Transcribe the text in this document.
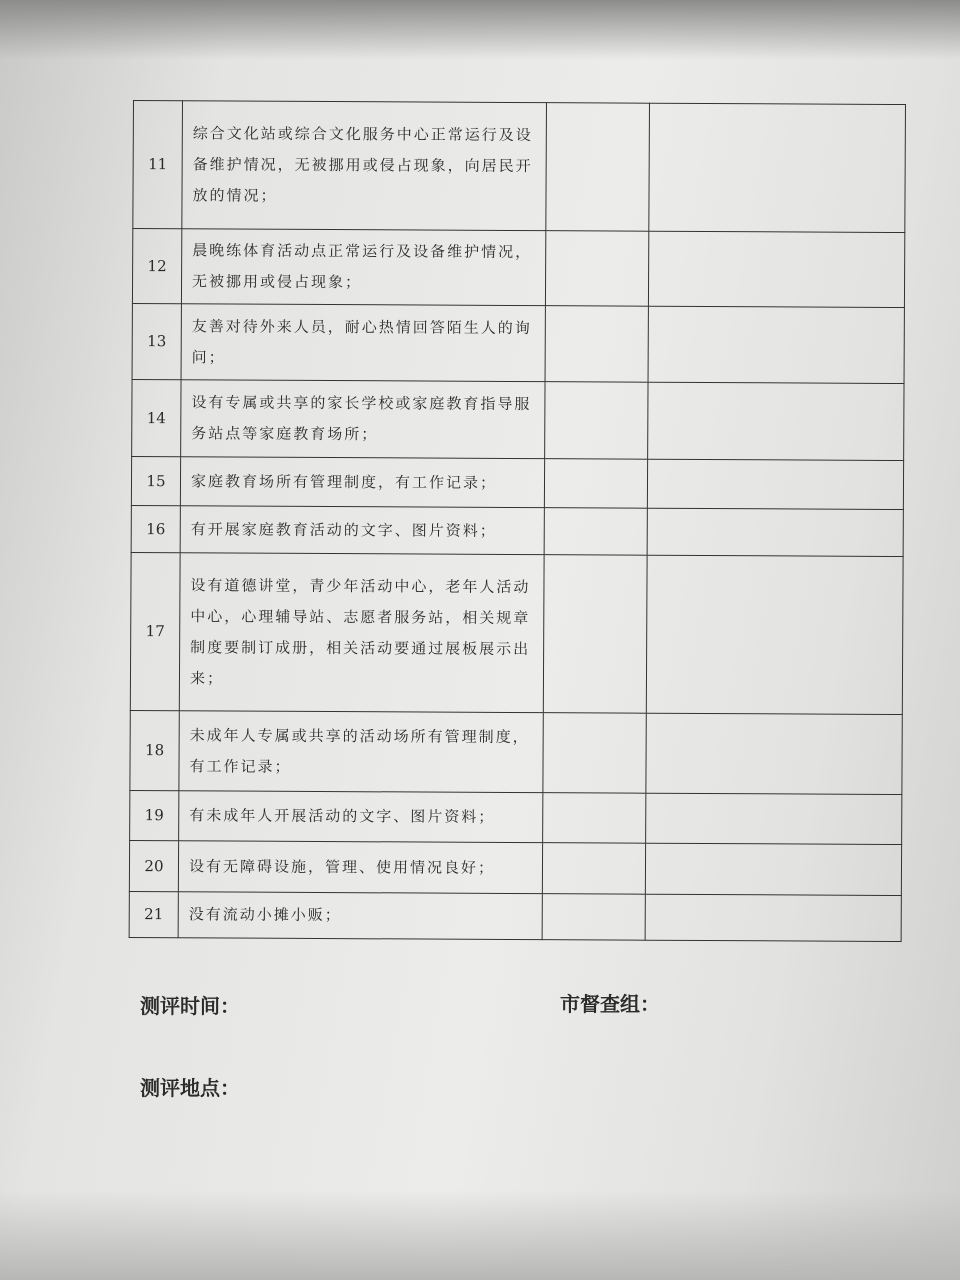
11	综合文化站或综合文化服务中心正常运行及设备维护情况，无被挪用或侵占现象，向居民开放的情况；		
12	晨晚练体育活动点正常运行及设备维护情况，无被挪用或侵占现象；		
13	友善对待外来人员，耐心热情回答陌生人的询问；		
14	设有专属或共享的家长学校或家庭教育指导服务站点等家庭教育场所；		
15	家庭教育场所有管理制度，有工作记录；		
16	有开展家庭教育活动的文字、图片资料；		
17	设有道德讲堂，青少年活动中心，老年人活动中心，心理辅导站、志愿者服务站，相关规章制度要制订成册，相关活动要通过展板展示出来；		
18	未成年人专属或共享的活动场所有管理制度，有工作记录；		
19	有未成年人开展活动的文字、图片资料；		
20	设有无障碍设施，管理、使用情况良好；		
21	没有流动小摊小贩；		
测评时间：	市督查组：
测评地点：
